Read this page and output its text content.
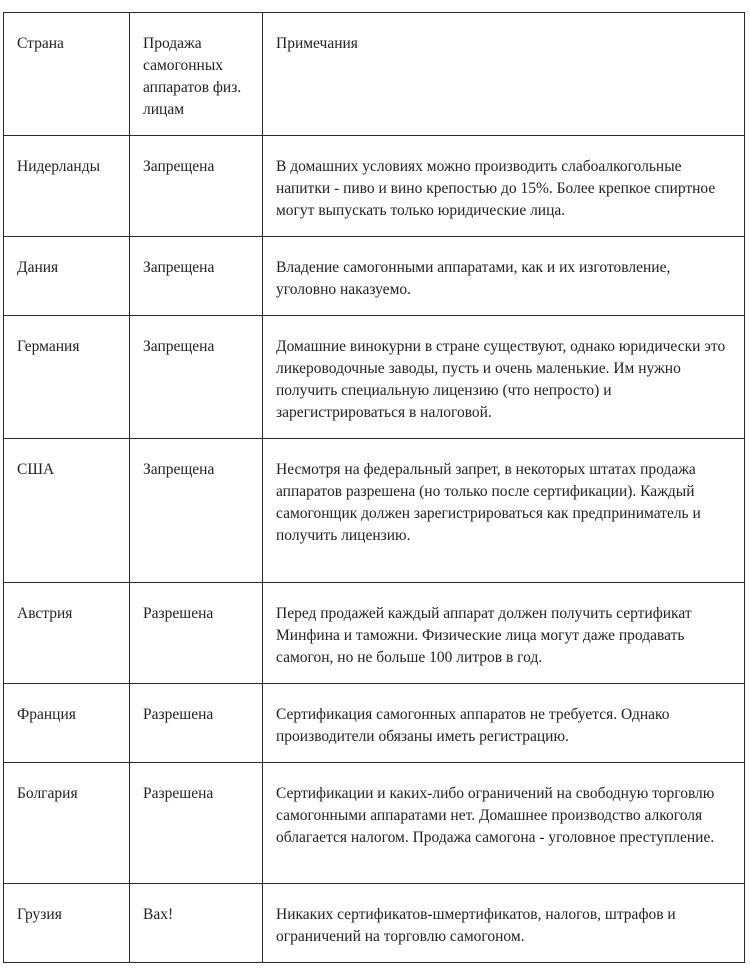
Страна	Продажа самогонных аппаратов физ. лицам	Примечания
Нидерланды	Запрещена	В домашних условиях можно производить слабоалкогольные напитки - пиво и вино крепостью до 15%. Более крепкое спиртное могут выпускать только юридические лица.
Дания	Запрещена	Владение самогонными аппаратами, как и их изготовление, уголовно наказуемо.
Германия	Запрещена	Домашние винокурни в стране существуют, однако юридически это ликероводочные заводы, пусть и очень маленькие. Им нужно получить специальную лицензию (что непросто) и зарегистрироваться в налоговой.
США	Запрещена	Несмотря на федеральный запрет, в некоторых штатах продажа аппаратов разрешена (но только после сертификации). Каждый самогонщик должен зарегистрироваться как предприниматель и получить лицензию.
Австрия	Разрешена	Перед продажей каждый аппарат должен получить сертификат Минфина и таможни. Физические лица могут даже продавать самогон, но не больше 100 литров в год.
Франция	Разрешена	Сертификация самогонных аппаратов не требуется. Однако производители обязаны иметь регистрацию.
Болгария	Разрешена	Сертификации и каких-либо ограничений на свободную торговлю самогонными аппаратами нет. Домашнее производство алкоголя облагается налогом. Продажа самогона - уголовное преступление.
Грузия	Вах!	Никаких сертификатов-шмертификатов, налогов, штрафов и ограничений на торговлю самогоном.
